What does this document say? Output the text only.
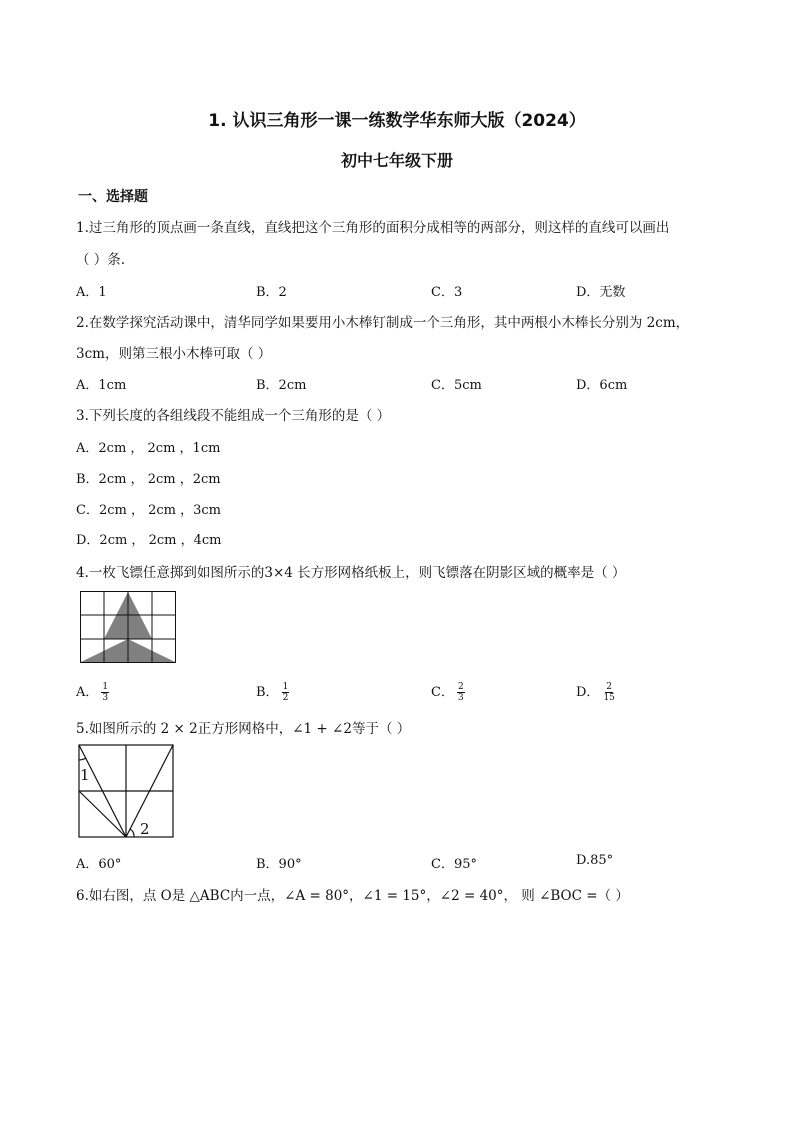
1. 认识三角形一课一练数学华东师大版（2024）
初中七年级下册
一、选择题
1.过三角形的顶点画一条直线，直线把这个三角形的面积分成相等的两部分，则这样的直线可以画出
（ ）条.
A．1	B．2	C．3	D．无数
2.在数学探究活动课中，清华同学如果要用小木棒钉制成一个三角形，其中两根小木棒长分别为 2cm，
3cm，则第三根小木棒可取（ ）
A．1cm	B．2cm	C．5cm	D．6cm
3.下列长度的各组线段不能组成一个三角形的是（ ）
A．2cm ， 2cm ，1cm
B．2cm ， 2cm ，2cm
C．2cm ， 2cm ，3cm
D．2cm ， 2cm ，4cm
4.一枚飞镖任意掷到如图所示的3×4 长方形网格纸板上，则飞镖落在阴影区域的概率是（ ）
A． $\frac{1}{3}$	B． $\frac{1}{2}$	C． $\frac{2}{3}$	D． $\frac{2}{15}$
5.如图所示的 2 × 2正方形网格中，∠1 + ∠2等于（ ）
1
2
A．60°	B．90°	C．95°	D.85°
6.如右图，点 O是 △ABC内一点，∠A = 80°，∠1 = 15°，∠2 = 40°， 则 ∠BOC =（ ）
